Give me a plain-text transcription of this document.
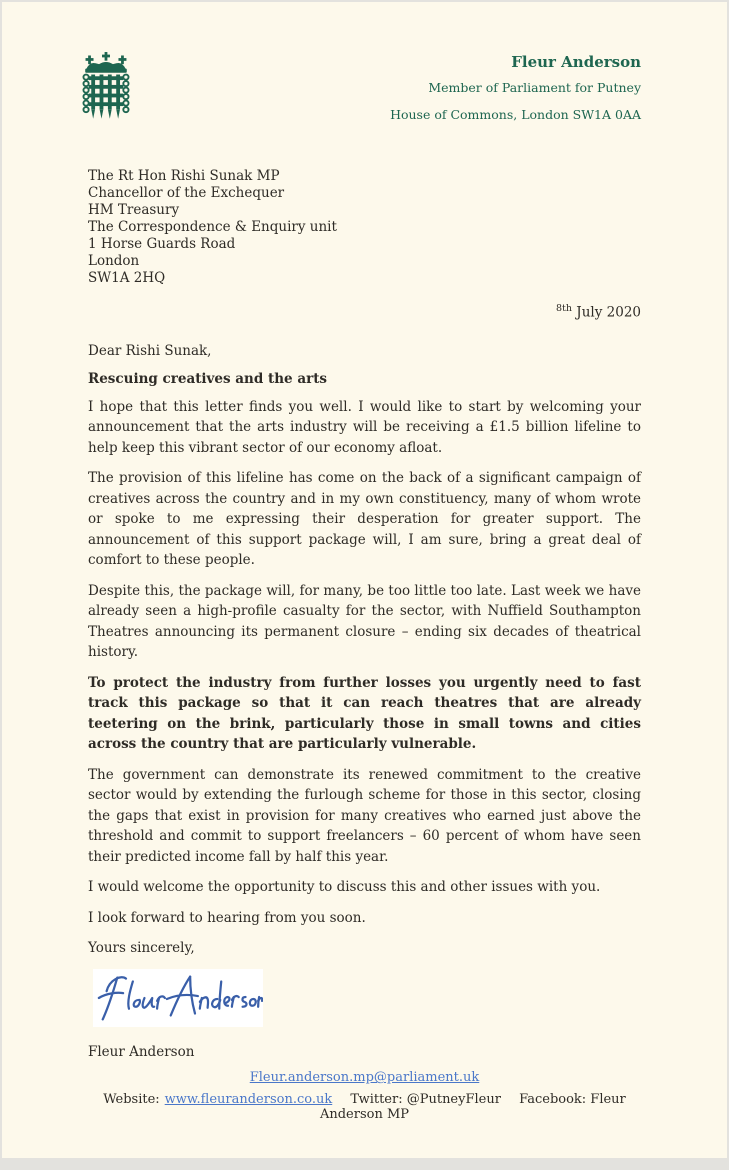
Fleur Anderson
Member of Parliament for Putney
House of Commons, London SW1A 0AA
The Rt Hon Rishi Sunak MP
Chancellor of the Exchequer
HM Treasury
The Correspondence & Enquiry unit
1 Horse Guards Road
London
SW1A 2HQ
$^{8th}$ July 2020
Dear Rishi Sunak,
Rescuing creatives and the arts

I hope that this letter finds you well. I would like to start by welcoming your announcement that the arts industry will be receiving a £1.5 billion lifeline to help keep this vibrant sector of our economy afloat.

The provision of this lifeline has come on the back of a significant campaign of creatives across the country and in my own constituency, many of whom wrote or spoke to me expressing their desperation for greater support. The announcement of this support package will, I am sure, bring a great deal of comfort to these people.

Despite this, the package will, for many, be too little too late. Last week we have already seen a high-profile casualty for the sector, with Nuffield Southampton Theatres announcing its permanent closure – ending six decades of theatrical history.

To protect the industry from further losses you urgently need to fast track this package so that it can reach theatres that are already teetering on the brink, particularly those in small towns and cities across the country that are particularly vulnerable.

The government can demonstrate its renewed commitment to the creative sector would by extending the furlough scheme for those in this sector, closing the gaps that exist in provision for many creatives who earned just above the threshold and commit to support freelancers – 60 percent of whom have seen their predicted income fall by half this year.

I would welcome the opportunity to discuss this and other issues with you.

I look forward to hearing from you soon.

Yours sincerely,
Fleur Anderson
Fleur.anderson.mp@parliament.uk
Website: www.fleuranderson.co.uk Twitter: @PutneyFleur Facebook: Fleur Anderson MP
